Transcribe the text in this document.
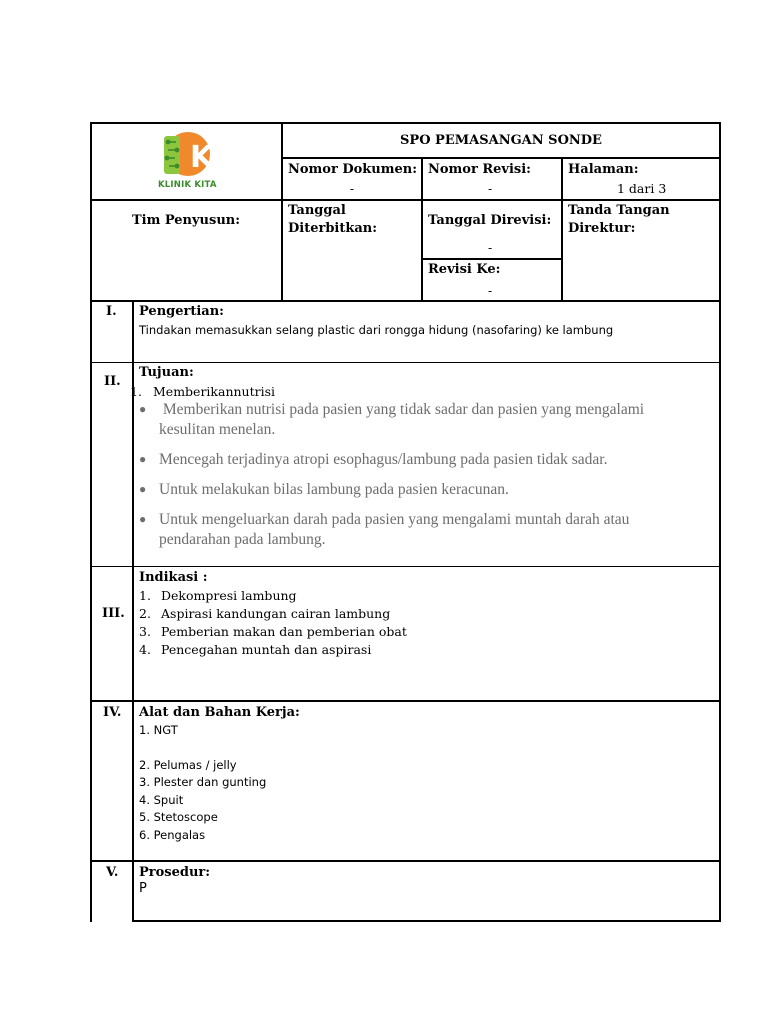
K
KLINIK KITA
SPO PEMASANGAN SONDE
Nomor Dokumen:
-
Nomor Revisi:
-
Halaman:
1 dari 3
Tim Penyusun:
Tanggal
Diterbitkan:
Tanggal Direvisi:
-
Revisi Ke:
-
Tanda Tangan
Direktur:
I. Pengertian:
Tindakan memasukkan selang plastic dari rongga hidung (nasofaring) ke lambung
II.
Tujuan:
1. Memberikannutrisi
● Memberikan nutrisi pada pasien yang tidak sadar dan pasien yang mengalami
kesulitan menelan.
● Mencegah terjadinya atropi esophagus/lambung pada pasien tidak sadar.
● Untuk melakukan bilas lambung pada pasien keracunan.
● Untuk mengeluarkan darah pada pasien yang mengalami muntah darah atau
pendarahan pada lambung.
III.
Indikasi :
1. Dekompresi lambung
2. Aspirasi kandungan cairan lambung
3. Pemberian makan dan pemberian obat
4. Pencegahan muntah dan aspirasi
IV. Alat dan Bahan Kerja:
1. NGT
2. Pelumas / jelly
3. Plester dan gunting
4. Spuit
5. Stetoscope
6. Pengalas
V. Prosedur:
P
